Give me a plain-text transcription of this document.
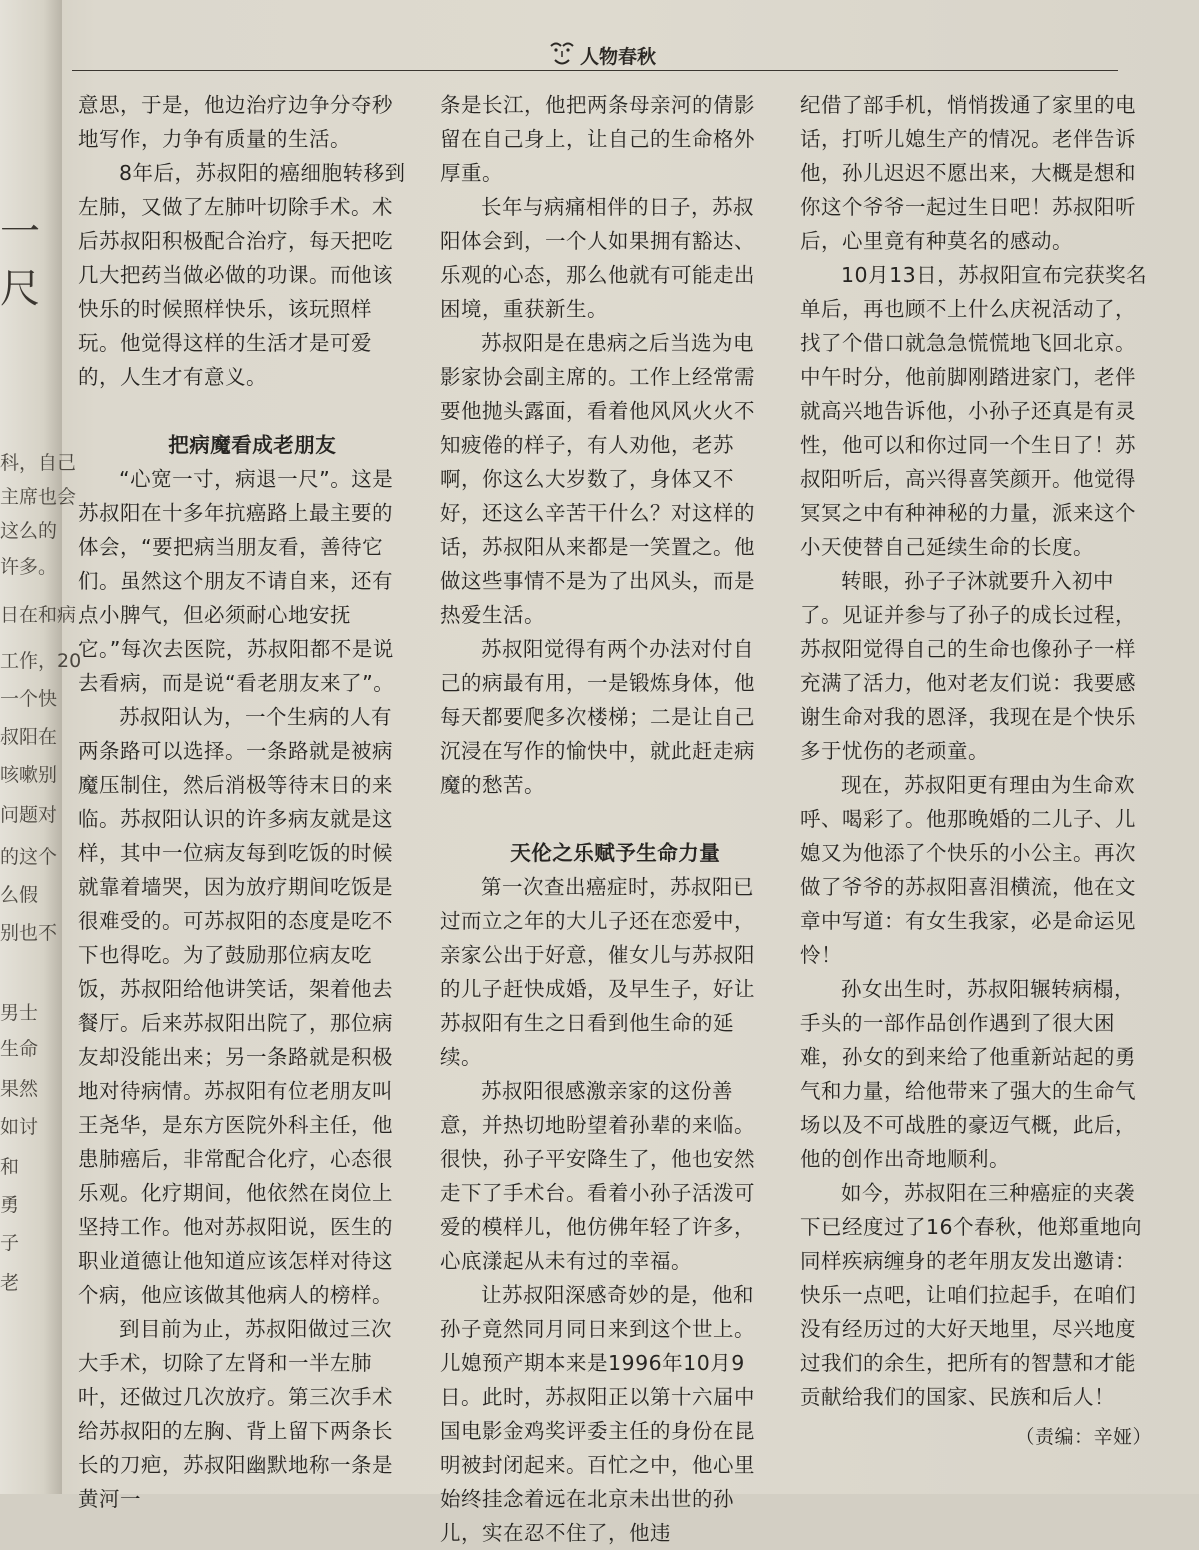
一尺
科，自己
主席也会
这么的
许多。
日在和病
工作，20
一个快
叔阳在
咳嗽别
问题对
的这个
么假
别也不
男士
生命
果然
如讨
和
勇
子
老
人物春秋

意思，于是，他边治疗边争分夺秒地写作，力争有质量的生活。

8年后，苏叔阳的癌细胞转移到左肺，又做了左肺叶切除手术。术后苏叔阳积极配合治疗，每天把吃几大把药当做必做的功课。而他该快乐的时候照样快乐，该玩照样玩。他觉得这样的生活才是可爱的，人生才有意义。

把病魔看成老朋友

“心宽一寸，病退一尺”。这是苏叔阳在十多年抗癌路上最主要的体会，“要把病当朋友看，善待它们。虽然这个朋友不请自来，还有点小脾气，但必须耐心地安抚它。”每次去医院，苏叔阳都不是说去看病，而是说“看老朋友来了”。

苏叔阳认为，一个生病的人有两条路可以选择。一条路就是被病魔压制住，然后消极等待末日的来临。苏叔阳认识的许多病友就是这样，其中一位病友每到吃饭的时候就靠着墙哭，因为放疗期间吃饭是很难受的。可苏叔阳的态度是吃不下也得吃。为了鼓励那位病友吃饭，苏叔阳给他讲笑话，架着他去餐厅。后来苏叔阳出院了，那位病友却没能出来；另一条路就是积极地对待病情。苏叔阳有位老朋友叫王尧华，是东方医院外科主任，他患肺癌后，非常配合化疗，心态很乐观。化疗期间，他依然在岗位上坚持工作。他对苏叔阳说，医生的职业道德让他知道应该怎样对待这个病，他应该做其他病人的榜样。

到目前为止，苏叔阳做过三次大手术，切除了左肾和一半左肺叶，还做过几次放疗。第三次手术给苏叔阳的左胸、背上留下两条长长的刀疤，苏叔阳幽默地称一条是黄河一

条是长江，他把两条母亲河的倩影留在自己身上，让自己的生命格外厚重。

长年与病痛相伴的日子，苏叔阳体会到，一个人如果拥有豁达、乐观的心态，那么他就有可能走出困境，重获新生。

苏叔阳是在患病之后当选为电影家协会副主席的。工作上经常需要他抛头露面，看着他风风火火不知疲倦的样子，有人劝他，老苏啊，你这么大岁数了，身体又不好，还这么辛苦干什么？对这样的话，苏叔阳从来都是一笑置之。他做这些事情不是为了出风头，而是热爱生活。

苏叔阳觉得有两个办法对付自己的病最有用，一是锻炼身体，他每天都要爬多次楼梯；二是让自己沉浸在写作的愉快中，就此赶走病魔的愁苦。

天伦之乐赋予生命力量

第一次查出癌症时，苏叔阳已过而立之年的大儿子还在恋爱中，亲家公出于好意，催女儿与苏叔阳的儿子赶快成婚，及早生子，好让苏叔阳有生之日看到他生命的延续。

苏叔阳很感激亲家的这份善意，并热切地盼望着孙辈的来临。很快，孙子平安降生了，他也安然走下了手术台。看着小孙子活泼可爱的模样儿，他仿佛年轻了许多，心底漾起从未有过的幸福。

让苏叔阳深感奇妙的是，他和孙子竟然同月同日来到这个世上。儿媳预产期本来是1996年10月9日。此时，苏叔阳正以第十六届中国电影金鸡奖评委主任的身份在昆明被封闭起来。百忙之中，他心里始终挂念着远在北京未出世的孙儿，实在忍不住了，他违

纪借了部手机，悄悄拨通了家里的电话，打听儿媳生产的情况。老伴告诉他，孙儿迟迟不愿出来，大概是想和你这个爷爷一起过生日吧！苏叔阳听后，心里竟有种莫名的感动。

10月13日，苏叔阳宣布完获奖名单后，再也顾不上什么庆祝活动了，找了个借口就急急慌慌地飞回北京。中午时分，他前脚刚踏进家门，老伴就高兴地告诉他，小孙子还真是有灵性，他可以和你过同一个生日了！苏叔阳听后，高兴得喜笑颜开。他觉得冥冥之中有种神秘的力量，派来这个小天使替自己延续生命的长度。

转眼，孙子子沐就要升入初中了。见证并参与了孙子的成长过程，苏叔阳觉得自己的生命也像孙子一样充满了活力，他对老友们说：我要感谢生命对我的恩泽，我现在是个快乐多于忧伤的老顽童。

现在，苏叔阳更有理由为生命欢呼、喝彩了。他那晚婚的二儿子、儿媳又为他添了个快乐的小公主。再次做了爷爷的苏叔阳喜泪横流，他在文章中写道：有女生我家，必是命运见怜！

孙女出生时，苏叔阳辗转病榻，手头的一部作品创作遇到了很大困难，孙女的到来给了他重新站起的勇气和力量，给他带来了强大的生命气场以及不可战胜的豪迈气概，此后，他的创作出奇地顺利。

如今，苏叔阳在三种癌症的夹袭下已经度过了16个春秋，他郑重地向同样疾病缠身的老年朋友发出邀请：快乐一点吧，让咱们拉起手，在咱们没有经历过的大好天地里，尽兴地度过我们的余生，把所有的智慧和才能贡献给我们的国家、民族和后人！

（责编：辛娅）
